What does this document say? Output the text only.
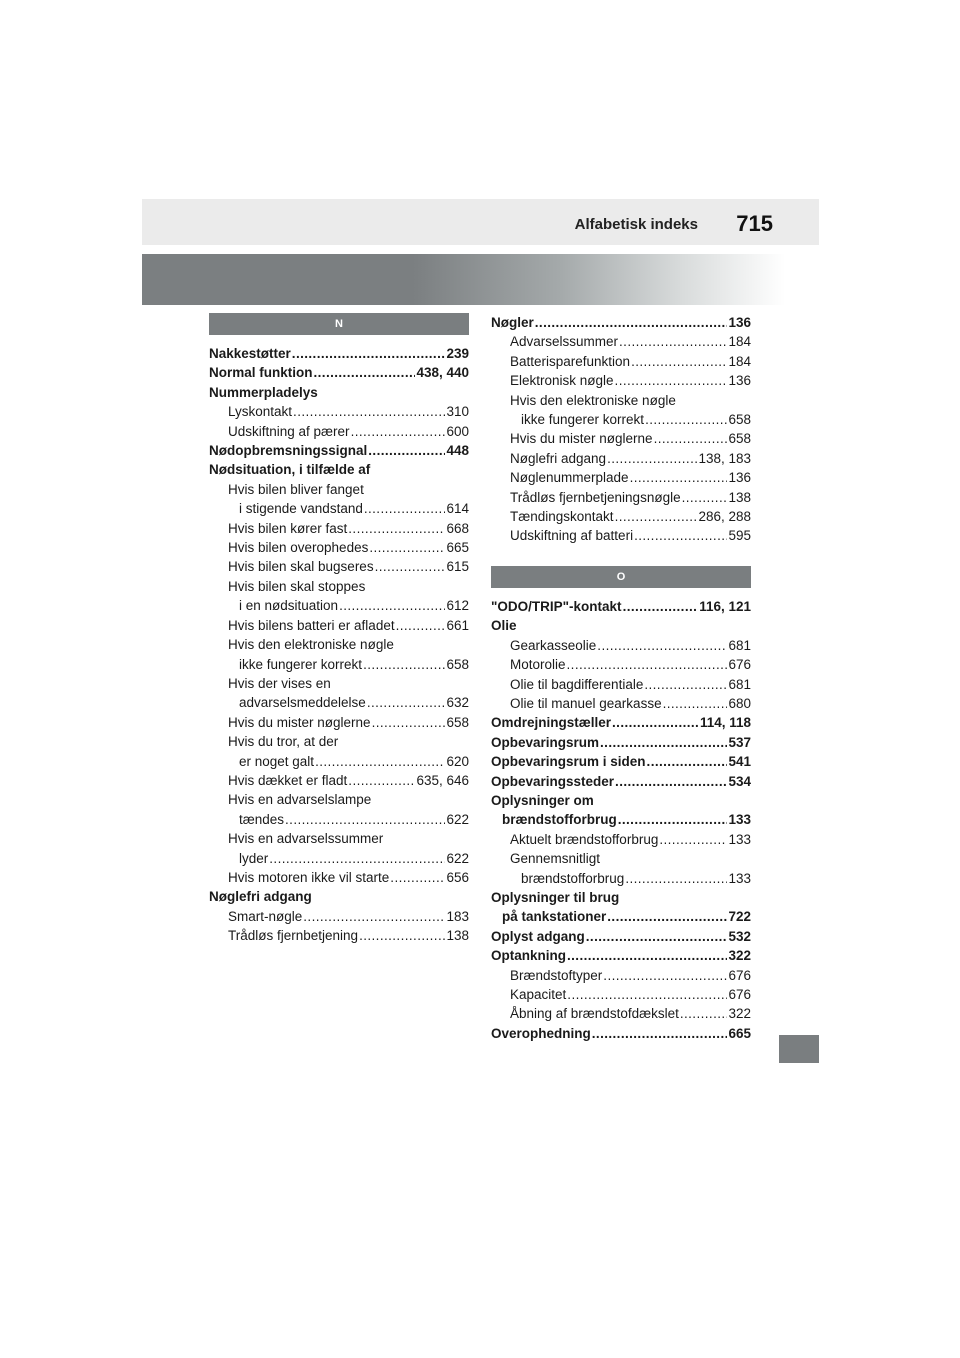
Alfabetisk indeks 715
N
Nakkestøtter .....	239
Normal funktion .....	438, 440
Nummerpladelys
Lyskontakt .....	310
Udskiftning af pærer .....	600
Nødopbremsningssignal .....	448
Nødsituation, i tilfælde af
Hvis bilen bliver fanget
i stigende vandstand .....	614
Hvis bilen kører fast .....	668
Hvis bilen overophedes .....	665
Hvis bilen skal bugseres .....	615
Hvis bilen skal stoppes
i en nødsituation .....	612
Hvis bilens batteri er afladet .....	661
Hvis den elektroniske nøgle
ikke fungerer korrekt .....	658
Hvis der vises en
advarselsmeddelelse .....	632
Hvis du mister nøglerne .....	658
Hvis du tror, at der
er noget galt .....	620
Hvis dækket er fladt .....	635, 646
Hvis en advarselslampe
tændes .....	622
Hvis en advarselssummer
lyder .....	622
Hvis motoren ikke vil starte .....	656
Nøglefri adgang
Smart-nøgle .....	183
Trådløs fjernbetjening .....	138
Nøgler .....	136
Advarselssummer .....	184
Batterisparefunktion .....	184
Elektronisk nøgle .....	136
Hvis den elektroniske nøgle
ikke fungerer korrekt .....	658
Hvis du mister nøglerne .....	658
Nøglefri adgang .....	138, 183
Nøglenummerplade .....	136
Trådløs fjernbetjeningsnøgle .....	138
Tændingskontakt .....	286, 288
Udskiftning af batteri .....	595
O
"ODO/TRIP"-kontakt .....	116, 121
Olie
Gearkasseolie .....	681
Motorolie .....	676
Olie til bagdifferentiale .....	681
Olie til manuel gearkasse .....	680
Omdrejningstæller .....	114, 118
Opbevaringsrum .....	537
Opbevaringsrum i siden .....	541
Opbevaringssteder .....	534
Oplysninger om
brændstofforbrug .....	133
Aktuelt brændstofforbrug .....	133
Gennemsnitligt
brændstofforbrug .....	133
Oplysninger til brug
på tankstationer .....	722
Oplyst adgang .....	532
Optankning .....	322
Brændstoftyper .....	676
Kapacitet .....	676
Åbning af brændstofdækslet .....	322
Overophedning .....	665
